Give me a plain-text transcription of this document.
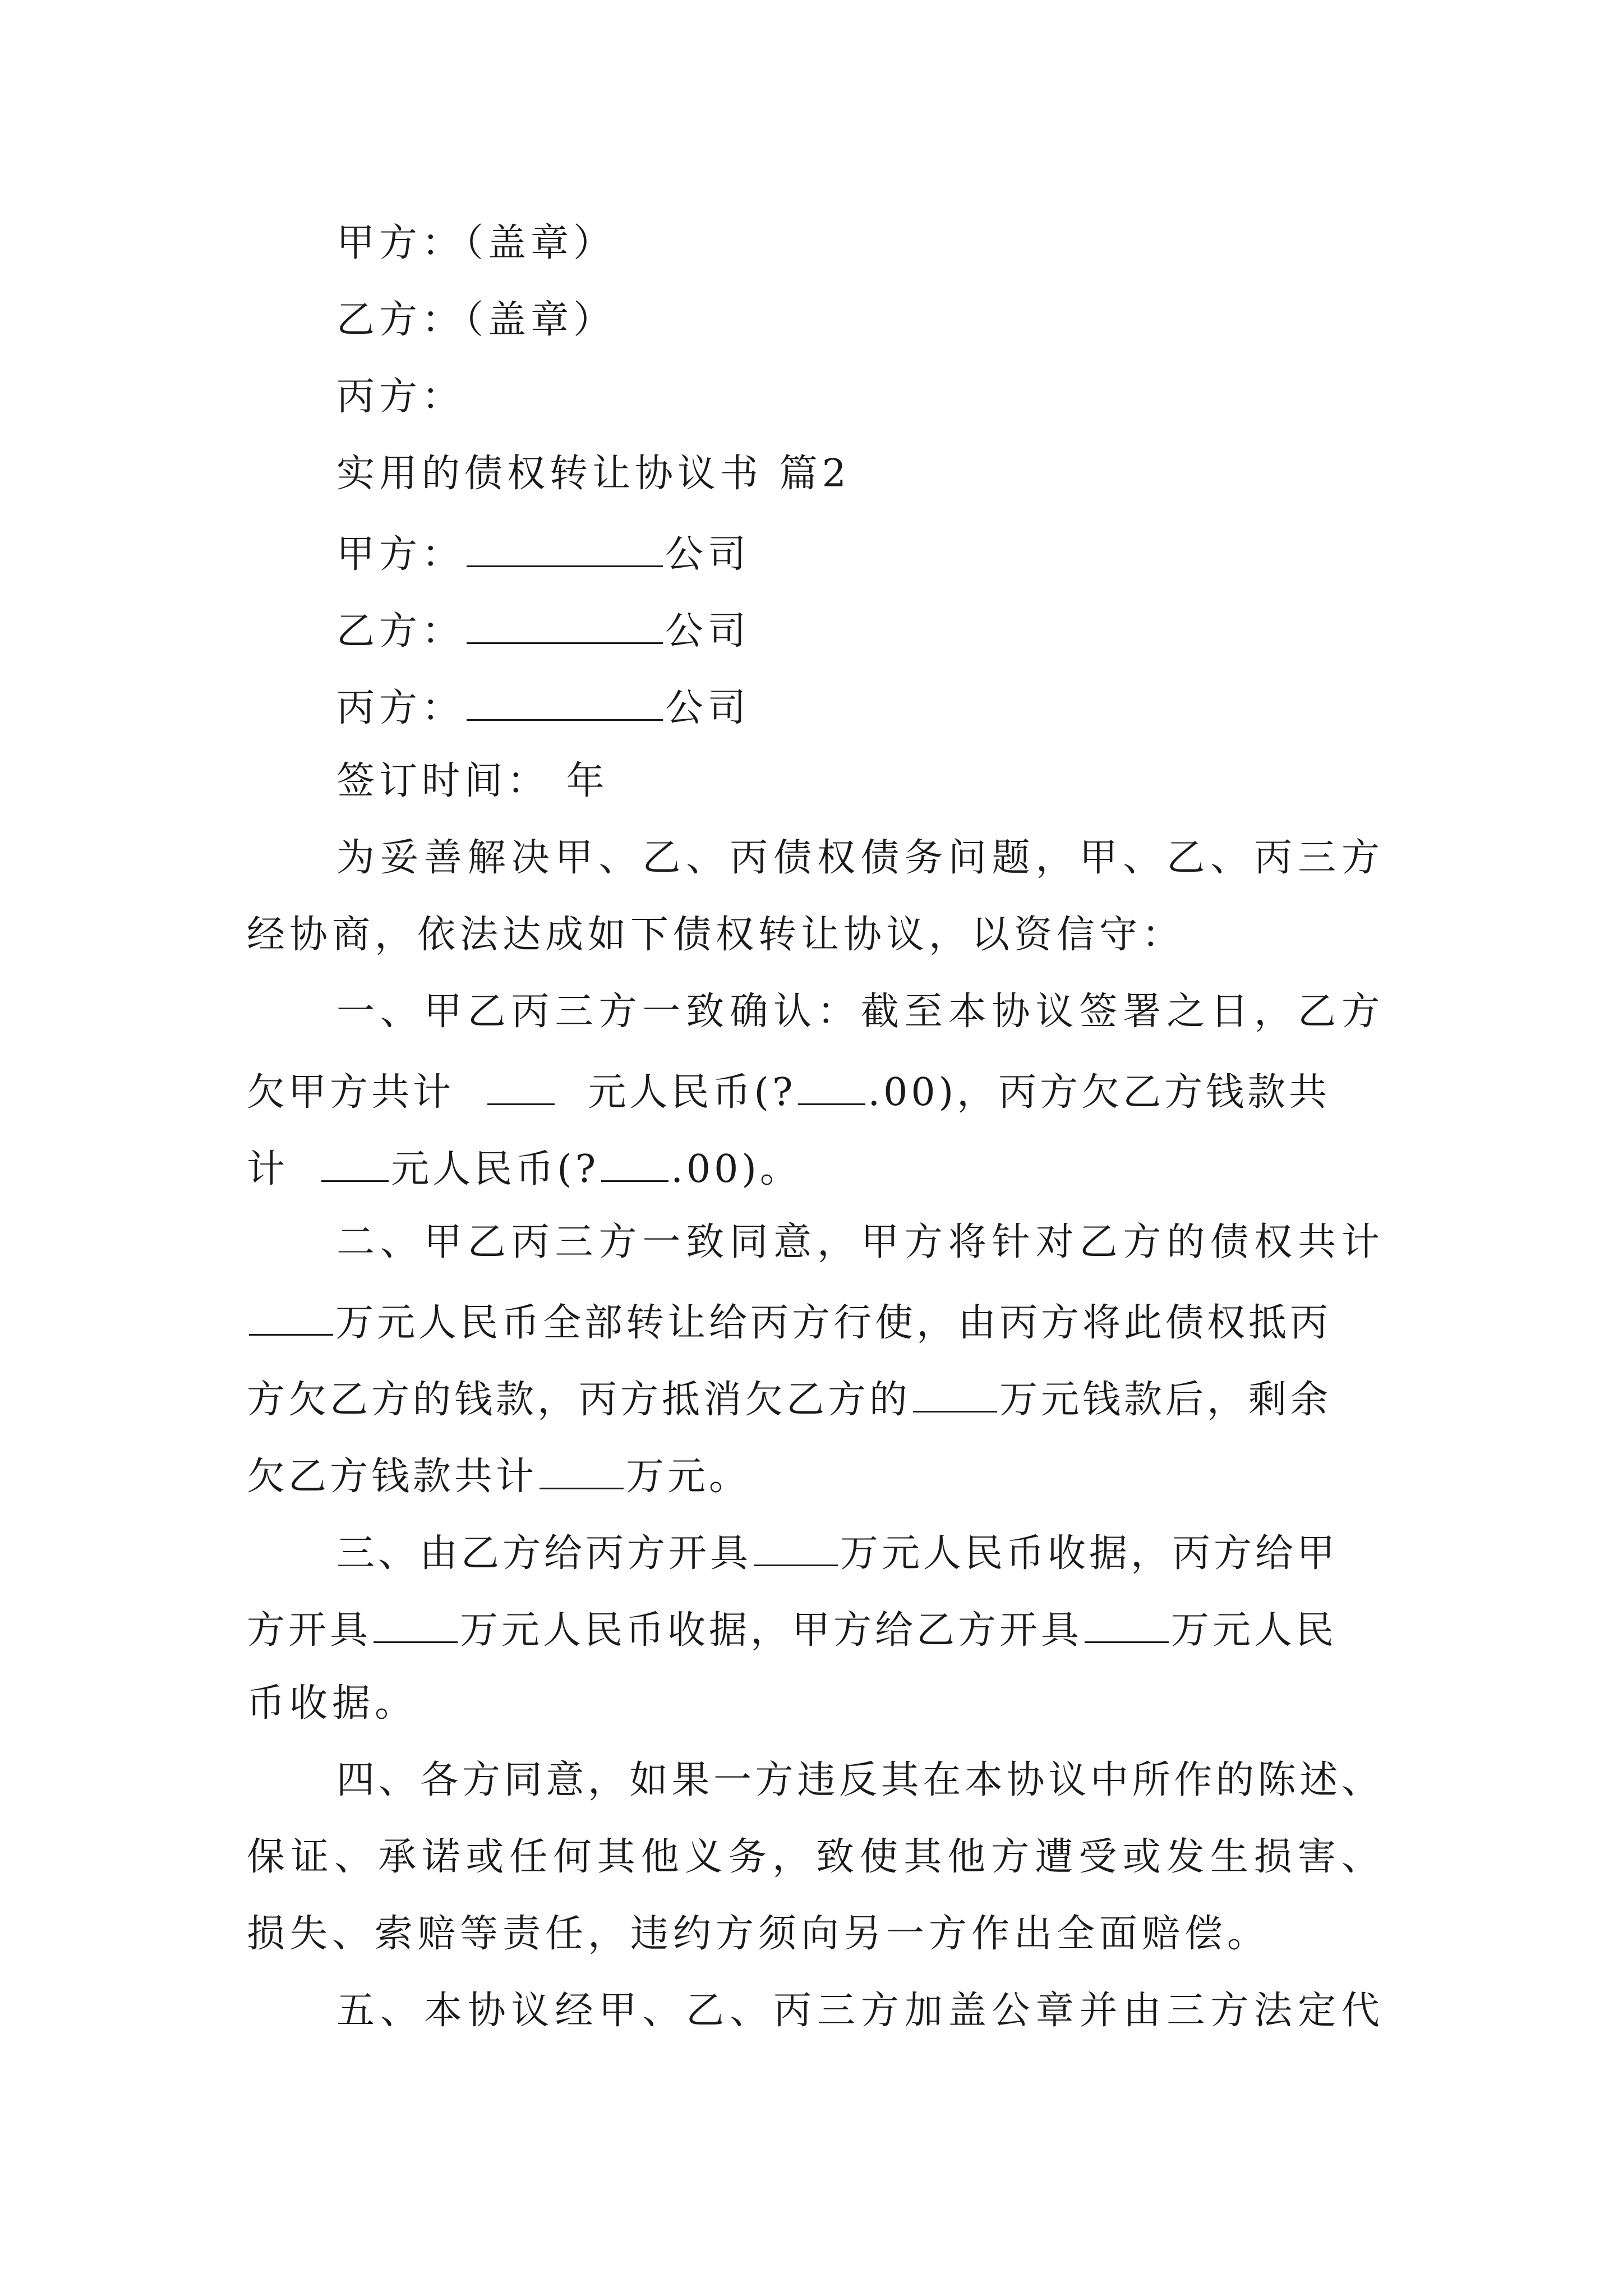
甲方：（盖章）

乙方：（盖章）

丙方：

实用的债权转让协议书 篇2

甲方：	公司

乙方：	公司

丙方：	公司

签订时间： 年

为妥善解决甲、乙、丙债权债务问题，甲、乙、丙三方

经协商，依法达成如下债权转让协议，以资信守：

一、甲乙丙三方一致确认：截至本协议签署之日，乙方

欠甲方共计	元人民币(? .00)，丙方欠乙方钱款共

计	元人民币(? .00)。

二、甲乙丙三方一致同意，甲方将针对乙方的债权共计

万元人民币全部转让给丙方行使，由丙方将此债权抵丙

方欠乙方的钱款，丙方抵消欠乙方的 万元钱款后，剩余

欠乙方钱款共计 万元。

三、由乙方给丙方开具 万元人民币收据，丙方给甲

方开具 万元人民币收据，甲方给乙方开具 万元人民

币收据。

四、各方同意，如果一方违反其在本协议中所作的陈述、

保证、承诺或任何其他义务，致使其他方遭受或发生损害、

损失、索赔等责任，违约方须向另一方作出全面赔偿。

五、本协议经甲、乙、丙三方加盖公章并由三方法定代
